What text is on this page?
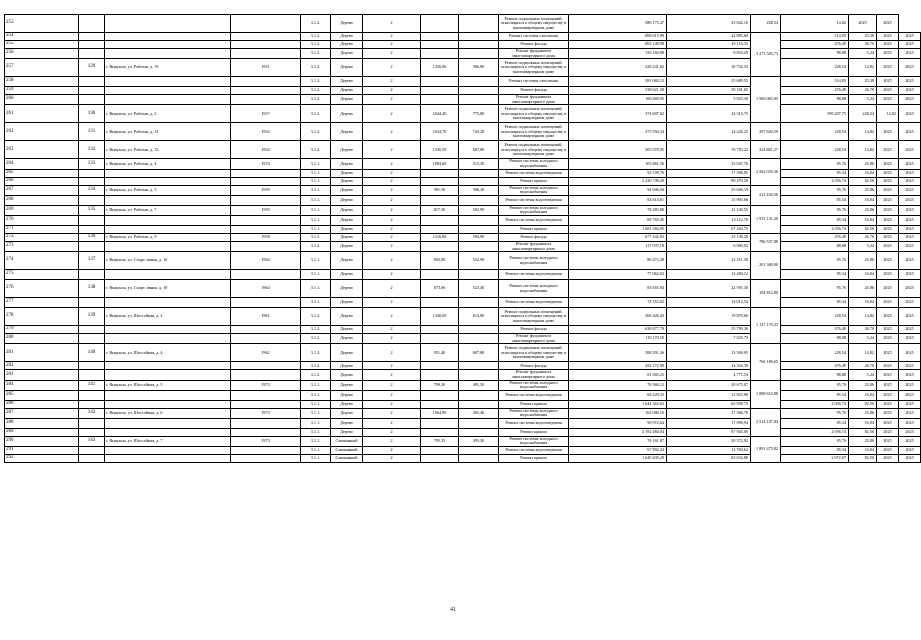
253				3.1.2.	Дерево	2			Ремонт подвальных помещений, относящихся к общему имуществу в многоквартирном доме	386 175,47	25 042,10	228,54	14,82	2025	2025		
254				3.1.2.	Дерево	2			Ремонт системы отопления	808 615,99	42 885,60	3 273 503,73	514,05	25,38	2025	2025	
255				3.1.2.	Дерево	2			Ремонт фасада	805 148,98	45 116,33		476,49	26,70	2025	2025	
256				3.1.2.	Дерево	2			Ремонт фундамента многоквартирного дома	150 184,98	8 854,29		88,88	5,24	2025	2025	
257	129	г. Выкуксы, ул. Рабочая, д. 19	1951	3.1.2.	Дерево	2	1356,00	506,80	Ремонт подвальных помещений, относящихся к общему имуществу в многоквартирном доме	228 241,62	16 752,53		228,54	14,82	2025	2025	
258				3.1.2.	Дерево	2			Ремонт системы отопления	581 082,12	25 689,55	1 560 065,05	514,05	25,38	2025	2025	
259				3.1.2.	Дерево	2			Ремонт фасада	538 621,30	30 181,65		476,49	26,70	2025	2025	
260				3.1.2.	Дерево	2			Ремонт фундамента многоквартирного дома	100 469,95	5 923,30		88,88	5,24	2025	2025	
261	130	г. Выкуксы, ул. Рабочая, д. 2	1957	3.1.2.	Дерево	2	1644,40	775,80	Ремонт подвальных помещений, относящихся к общему имуществу в многоквартирном доме	374 697,02	24 310,75		399 207,75	228,54	14,82	2025	
262	131	г. Выкуксы, ул. Рабочая, д. 31	1954	3.1.2.	Дерево	2	1634,70	743,20	Ремонт подвальных помещений, относящихся к общему имуществу в многоквартирном доме	373 594,34	24 226,25	397 820,59	228,54	14,82	2025	2025	
263	132	г. Выкуксы, ул. Рабочая, д. 33	1954	3.1.2.	Дерево	2	1336,59	607,80	Ремонт подвальных помещений, относящихся к общему имуществу в многоквартирном доме	305 078,05	19 783,22	324 861,27	228,54	14,82	2025	2025	
264	133	г. Выкуксы, ул. Рабочая, д. 4	1974	3.1.1.	Дерево	2	1084,60	515,30	Ремонт системы холодного водоснабжения	103 861,30	25 047,76	2 562 035,30	95,76	25,86	2025	2025	
265				3.1.1.	Дерево	2			Ремонт системы водоотведения	92 539,76	17 396,95		85,34	16,04	2025	2025	
266				3.1.1.	Дерево	2			Ремонт крыши	2 230 740,20	89 479,50		2 056,74	82,50	2025	2025	
267	134	г. Выкуксы, ул. Рабочая, д. 5	1959	3.1.1.	Дерево	2	991,50	596,20	Ремонт системы холодного водоснабжения	94 946,04	25 640,19	221 104,50	95,76	25,86	2025	2025	
268				3.1.1.	Дерево	2			Ремонт системы водоотведения	84 614,61	15 903,66		85,34	16,04	2025	2025	
269	135	г. Выкуксы, ул. Рабочая, д. 7	1959	3.1.1.	Дерево	2	817,50	502,90	Ремонт системы холодного водоснабжения	78 283,80	21 140,55	1 931 131,20	95,76	25,86	2025	2025	
270				3.1.1.	Дерево	2			Ремонт системы водоотведения	69 765,45	13 112,70		85,34	16,04	2025	2025	
271				3.1.1.	Дерево	2			Ремонт крыши	1 681 384,95	67 443,75		2 056,74	82,50	2025	2025	
272	136	г. Выкуксы, ул. Рабочая, д. 9	1958	3.1.2.	Дерево	2	1316,00	594,90	Ремонт фасада	677 442,03	35 138,20	786 537,80	476,49	26,70	2025	2025	
273				3.1.2.	Дерево	2			Ремонт фундамента многоквартирного дома	117 037,18	6 900,03		88,88	5,24	2025	2025	
274	137	г. Выкуксы, ул. Спорт. ивная, д. 16	1964	3.1.1.	Дерево	2	903,00	532,90	Ремонт системы холодного водоснабжения	86 473,28	23 351,58	201 369,00	95,76	25,86	2025	2025	
275				3.1.1.	Дерево	2			Ремонт системы водоотведения	77 062,02	14 484,12		85,34	16,04	2025	2025	
276	138	г. Выкуксы, ул. Спорт. ивная, д. 18	1964	3.1.1.	Дерево	2	873,60	523,40	Ремонт системы холодного водоснабжения	83 655,94	22 591,30	194 812,80	95,76	25,86	2025	2025	
277				3.1.1.	Дерево	2			Ремонт системы водоотведения	74 553,02	14 012,54		85,34	16,04	2025	2025	
278	139	г. Выкуксы, ул. Шоссейная, д. 2	1961	3.1.2.	Дерево	2	1340,00	614,80	Ремонт подвальных помещений, относящихся к общему имуществу в многоквартирном доме	306 426,43	19 870,66	1 127 170,33	228,54	14,82	2025	2025	
279				3.1.2.	Дерево	2			Ремонт фасада	638 877,79	35 799,36		476,49	26,70	2025	2025	
280				3.1.2.	Дерево	2			Ремонт фундамента многоквартирного дома	119 170,50	7 025,79		88,88	5,24	2025	2025	
281	140	г. Выкуксы, ул. Шоссейная, д. 4	1962	3.1.2.	Дерево	2	951,40	607,80	Ремонт подвальных помещений, относящихся к общему имуществу в многоквартирном доме	508 291,36	13 506,05	766 186,65	228,54	14,82	2025	2025	
282				3.1.2.	Дерево	2			Ремонт фасада	454 272,99	24 334,39		476,49	26,70	2025	2025	
283				3.1.2.	Дерево	2			Ремонт фундамента многоквартирного дома	81 003,25	4 775,54		88,88	5,24	2025	2025	
284	141	г. Выкуксы, ул. Шоссейная, д. 5	1972	3.1.1.	Дерево	2	799,30	491,50	Ремонт системы холодного водоснабжения	76 560,12	20 675,07	1 888 610,88	95,76	25,86	2025	2025	
285				3.1.1.	Дерево	2			Ремонт системы водоотведения	68 229,33	12 823,98		85,34	16,04	2025	2025	
286				3.1.1.	Дерево	2			Ремонт крыши	1 644 363,63	65 958,75		2 056,74	82,50	2025	2025	
287	142	г. Выкуксы, ул. Шоссейная, д. 6	1973	3.1.1.	Дерево	2	1064,90	492,40	Ремонт системы холодного водоснабжения	102 080,16	27 566,76	2 514 147,84	95,76	25,86	2025	2025	
288				3.1.1.	Дерево	2			Ремонт системы водоотведения	90 972,64	17 098,94		85,34	16,04	2025	2025	
289				3.1.1.	Дерево	2			Ремонт крыши	2 192 484,04	87 945,00		2 056,74	82,50	2025	2025	
290	143	г. Выкуксы, ул. Шоссейная, д. 7	1973	3.1.1.	Смешанный	2	795,35	493,30	Ремонт системы холодного водоснабжения	76 161,87	20 572,92	1 891 475,82	95,76	25,86	2025	2025	
291				3.1.1.	Смешанный	2			Ремонт системы водоотведения	67 892,24	12 760,62		85,34	16,04	2025	2025	
292				3.1.1.	Смешанный	2			Ремонт крыши	1 640 435,29	65 632,88		2 072,07	82,50	2025	2025	
41
